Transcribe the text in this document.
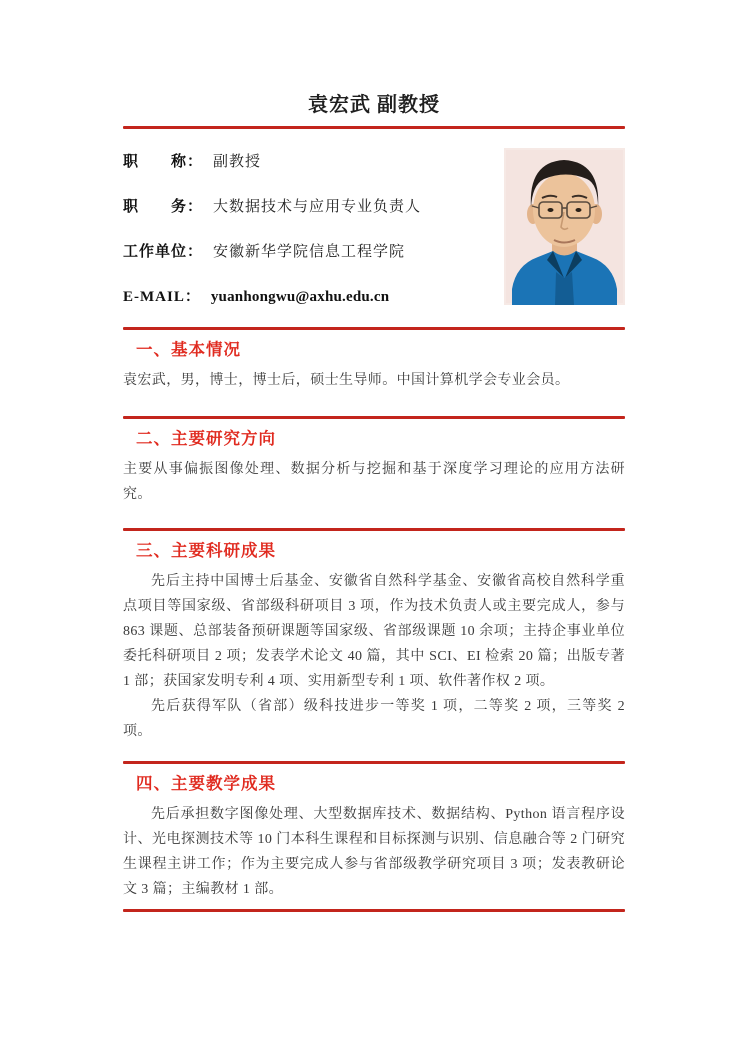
袁宏武 副教授
职　　称： 副教授
职　　务： 大数据技术与应用专业负责人
工作单位： 安徽新华学院信息工程学院
E-MAIL： yuanhongwu@axhu.edu.cn
一、基本情况

袁宏武，男，博士，博士后，硕士生导师。中国计算机学会专业会员。

二、主要研究方向

主要从事偏振图像处理、数据分析与挖掘和基于深度学习理论的应用方法研究。

三、主要科研成果

先后主持中国博士后基金、安徽省自然科学基金、安徽省高校自然科学重点项目等国家级、省部级科研项目 3 项，作为技术负责人或主要完成人，参与 863 课题、总部装备预研课题等国家级、省部级课题 10 余项；主持企事业单位委托科研项目 2 项；发表学术论文 40 篇，其中 SCI、EI 检索 20 篇；出版专著 1 部；获国家发明专利 4 项、实用新型专利 1 项、软件著作权 2 项。

先后获得军队（省部）级科技进步一等奖 1 项，二等奖 2 项，三等奖 2 项。

四、主要教学成果

先后承担数字图像处理、大型数据库技术、数据结构、Python 语言程序设计、光电探测技术等 10 门本科生课程和目标探测与识别、信息融合等 2 门研究生课程主讲工作；作为主要完成人参与省部级教学研究项目 3 项；发表教研论文 3 篇；主编教材 1 部。
